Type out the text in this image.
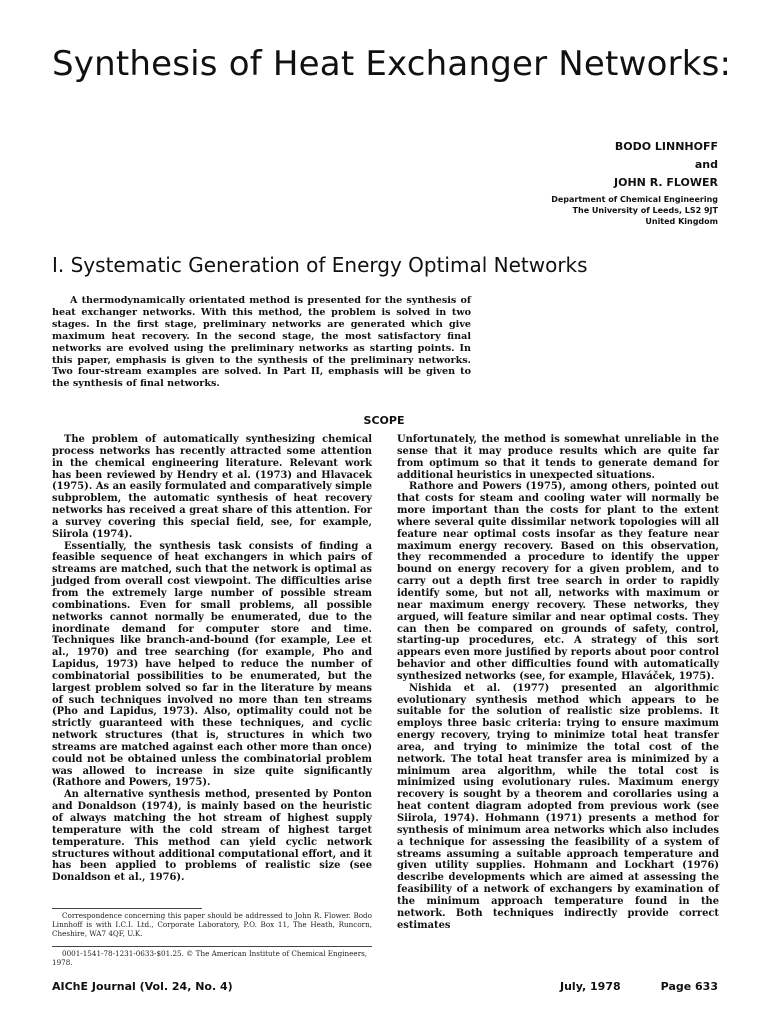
Synthesis of Heat Exchanger Networks:
BODO LINNHOFF
and
JOHN R. FLOWER
Department of Chemical Engineering
The University of Leeds, LS2 9JT
United Kingdom
I. Systematic Generation of Energy Optimal Networks

A thermodynamically orientated method is presented for the synthesis of heat exchanger networks. With this method, the problem is solved in two stages. In the first stage, preliminary networks are generated which give maximum heat recovery. In the second stage, the most satisfactory final networks are evolved using the preliminary networks as starting points. In this paper, emphasis is given to the synthesis of the preliminary networks. Two four-stream examples are solved. In Part II, emphasis will be given to the synthesis of final networks.

SCOPE

The problem of automatically synthesizing chemical process networks has recently attracted some attention in the chemical engineering literature. Relevant work has been reviewed by Hendry et al. (1973) and Hlavacek (1975). As an easily formulated and comparatively simple subproblem, the automatic synthesis of heat recovery networks has received a great share of this attention. For a survey covering this special field, see, for example, Siirola (1974).

Essentially, the synthesis task consists of finding a feasible sequence of heat exchangers in which pairs of streams are matched, such that the network is optimal as judged from overall cost viewpoint. The difficulties arise from the extremely large number of possible stream combinations. Even for small problems, all possible networks cannot normally be enumerated, due to the inordinate demand for computer store and time. Techniques like branch-and-bound (for example, Lee et al., 1970) and tree searching (for example, Pho and Lapidus, 1973) have helped to reduce the number of combinatorial possibilities to be enumerated, but the largest problem solved so far in the literature by means of such techniques involved no more than ten streams (Pho and Lapidus, 1973). Also, optimality could not be strictly guaranteed with these techniques, and cyclic network structures (that is, structures in which two streams are matched against each other more than once) could not be obtained unless the combinatorial problem was allowed to increase in size quite significantly (Rathore and Powers, 1975).

An alternative synthesis method, presented by Ponton and Donaldson (1974), is mainly based on the heuristic of always matching the hot stream of highest supply temperature with the cold stream of highest target temperature. This method can yield cyclic network structures without additional computational effort, and it has been applied to problems of realistic size (see Donaldson et al., 1976).

Unfortunately, the method is somewhat unreliable in the sense that it may produce results which are quite far from optimum so that it tends to generate demand for additional heuristics in unexpected situations.

Rathore and Powers (1975), among others, pointed out that costs for steam and cooling water will normally be more important than the costs for plant to the extent where several quite dissimilar network topologies will all feature near optimal costs insofar as they feature near maximum energy recovery. Based on this observation, they recommended a procedure to identify the upper bound on energy recovery for a given problem, and to carry out a depth first tree search in order to rapidly identify some, but not all, networks with maximum or near maximum energy recovery. These networks, they argued, will feature similar and near optimal costs. They can then be compared on grounds of safety, control, starting-up procedures, etc. A strategy of this sort appears even more justified by reports about poor control behavior and other difficulties found with automatically synthesized networks (see, for example, Hlaváček, 1975).

Nishida et al. (1977) presented an algorithmic evolutionary synthesis method which appears to be suitable for the solution of realistic size problems. It employs three basic criteria: trying to ensure maximum energy recovery, trying to minimize total heat transfer area, and trying to minimize the total cost of the network. The total heat transfer area is minimized by a minimum area algorithm, while the total cost is minimized using evolutionary rules. Maximum energy recovery is sought by a theorem and corollaries using a heat content diagram adopted from previous work (see Siirola, 1974). Hohmann (1971) presents a method for synthesis of minimum area networks which also includes a technique for assessing the feasibility of a system of streams assuming a suitable approach temperature and given utility supplies. Hohmann and Lockhart (1976) describe developments which are aimed at assessing the feasibility of a network of exchangers by examination of the minimum approach temperature found in the network. Both techniques indirectly provide correct estimates

Correspondence concerning this paper should be addressed to John R. Flower. Bodo Linnhoff is with I.C.I. Ltd., Corporate Laboratory, P.O. Box 11, The Heath, Runcorn, Cheshire, WA7 4QF, U.K.

0001-1541-78-1231-0633-$01.25. © The American Institute of Chemical Engineers, 1978.

AIChE Journal (Vol. 24, No. 4)	July, 1978	Page 633
